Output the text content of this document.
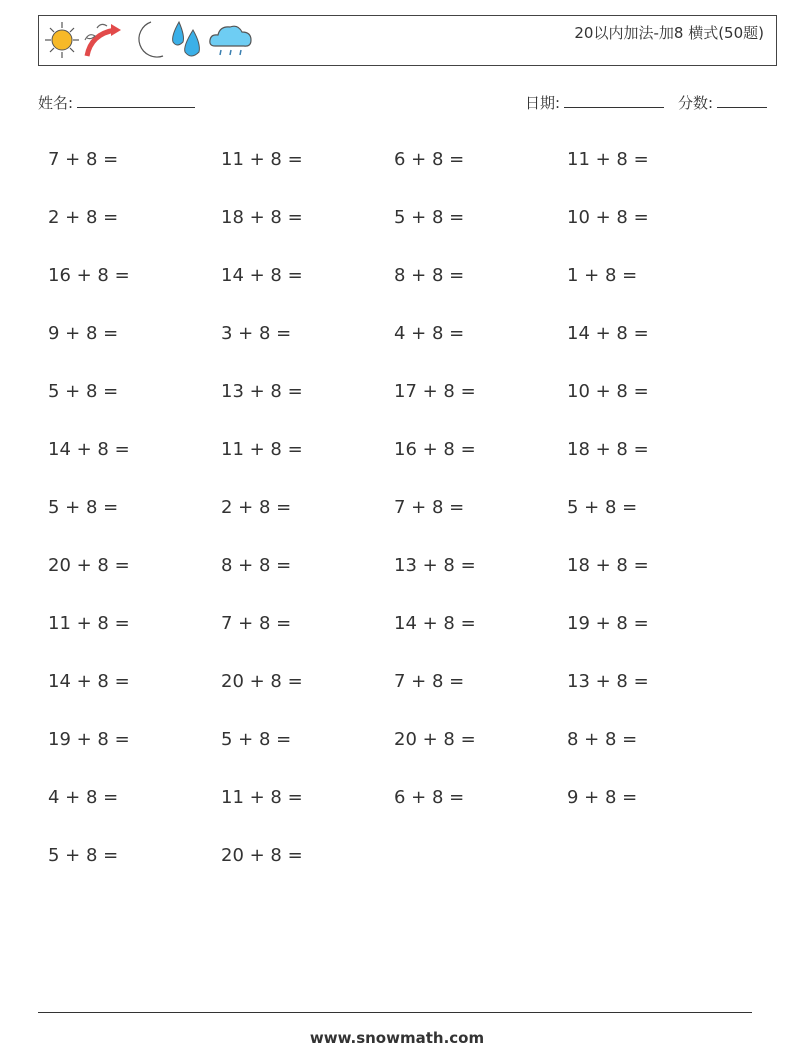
20以内加法-加8 横式(50题)
姓名:	日期:	分数:
7 + 8 =	11 + 8 =	6 + 8 =	11 + 8 =
2 + 8 =	18 + 8 =	5 + 8 =	10 + 8 =
16 + 8 =	14 + 8 =	8 + 8 =	1 + 8 =
9 + 8 =	3 + 8 =	4 + 8 =	14 + 8 =
5 + 8 =	13 + 8 =	17 + 8 =	10 + 8 =
14 + 8 =	11 + 8 =	16 + 8 =	18 + 8 =
5 + 8 =	2 + 8 =	7 + 8 =	5 + 8 =
20 + 8 =	8 + 8 =	13 + 8 =	18 + 8 =
11 + 8 =	7 + 8 =	14 + 8 =	19 + 8 =
14 + 8 =	20 + 8 =	7 + 8 =	13 + 8 =
19 + 8 =	5 + 8 =	20 + 8 =	8 + 8 =
4 + 8 =	11 + 8 =	6 + 8 =	9 + 8 =
5 + 8 =	20 + 8 =
www.snowmath.com
